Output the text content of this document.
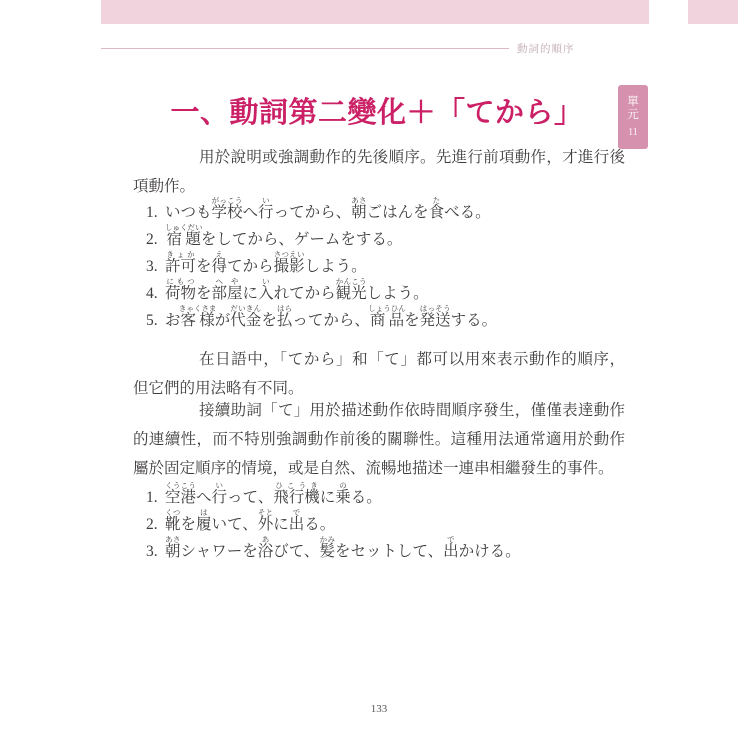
動詞的順序
單元
11
一、動詞第二變化＋「てから」

用於說明或強調動作的先後順序。先進行前項動作，才進行後項動作。

1. いつも学校がっこうへ行いってから、朝あさごはんを食たべる。
2. 宿題しゅくだいをしてから、ゲームをする。
3. 許可きょかを得えてから撮影さつえいしよう。
4. 荷物にもつを部屋へやに入いれてから観光かんこうしよう。
5. お客様きゃくさまが代金だいきんを払はらってから、商品しょうひんを発送はっそうする。

在日語中，「てから」和「て」都可以用來表示動作的順序，但它們的用法略有不同。

接續助詞「て」用於描述動作依時間順序發生，僅僅表達動作的連續性，而不特別強調動作前後的關聯性。這種用法通常適用於動作屬於固定順序的情境，或是自然、流暢地描述一連串相繼發生的事件。

1. 空港くうこうへ行いって、飛行機ひこうきに乗のる。
2. 靴くつを履はいて、外そとに出でる。
3. 朝あさシャワーを浴あびて、髪かみをセットして、出でかける。
133
